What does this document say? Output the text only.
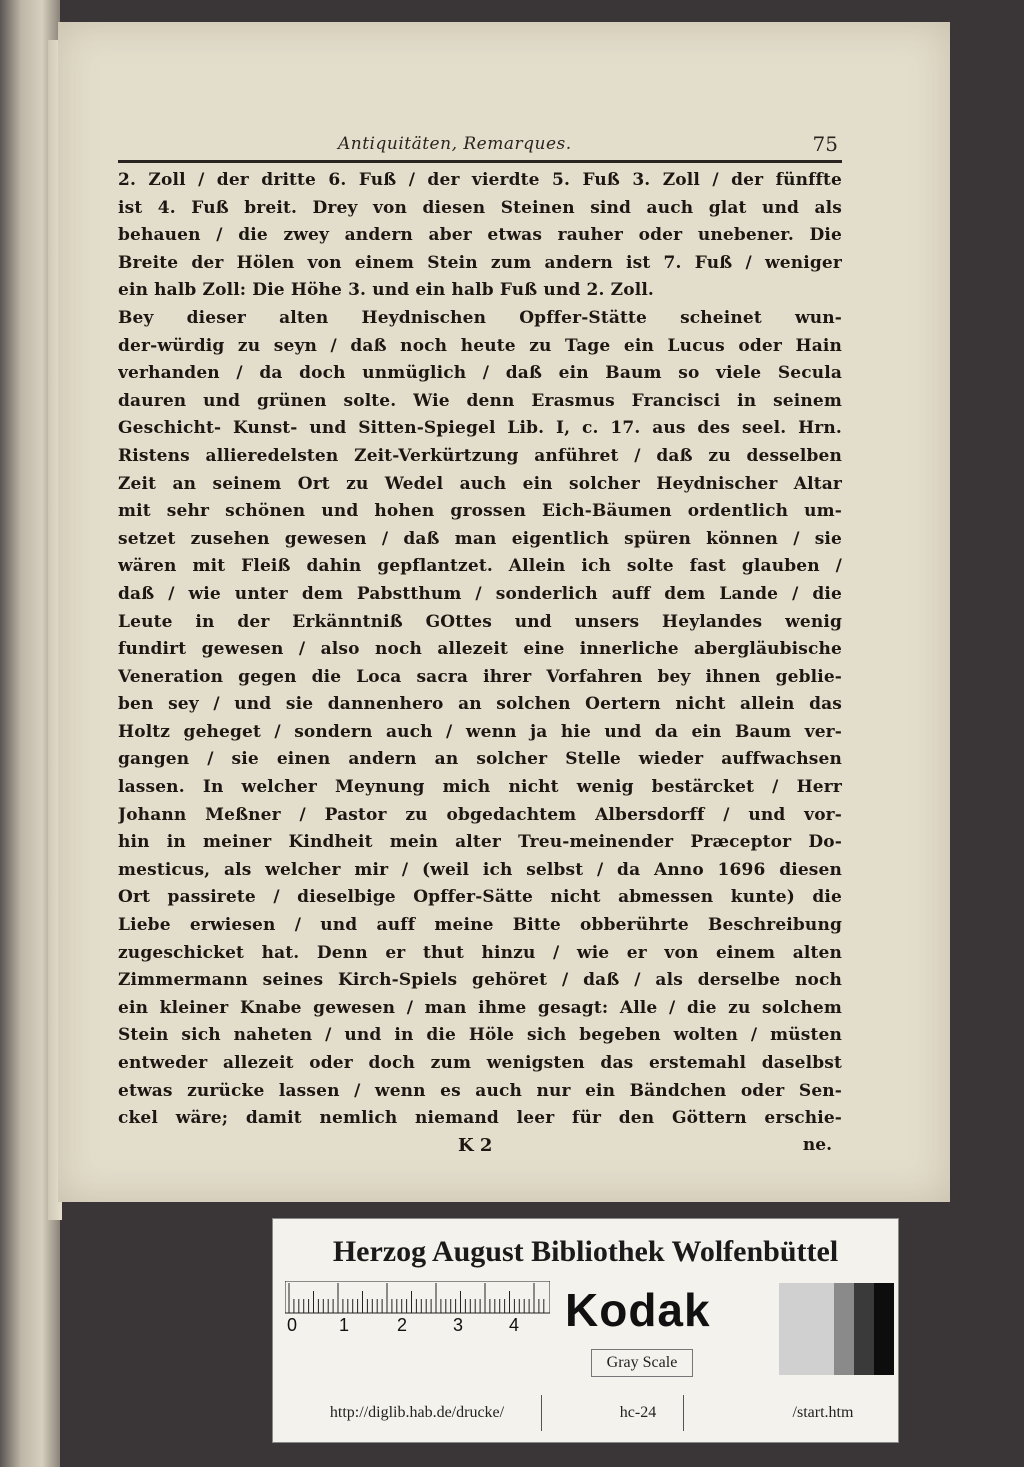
Antiquitäten, Remarques.	75
2. Zoll / der dritte 6. Fuß / der vierdte 5. Fuß 3. Zoll / der fünffte
ist 4. Fuß breit. Drey von diesen Steinen sind auch glat und als
behauen / die zwey andern aber etwas rauher oder unebener. Die
Breite der Hölen von einem Stein zum andern ist 7. Fuß / weniger
ein halb Zoll: Die Höhe 3. und ein halb Fuß und 2. Zoll.
Bey dieser alten Heydnischen Opffer-Stätte scheinet wun-
der-würdig zu seyn / daß noch heute zu Tage ein Lucus oder Hain
verhanden / da doch unmüglich / daß ein Baum so viele Secula
dauren und grünen solte. Wie denn Erasmus Francisci in seinem
Geschicht- Kunst- und Sitten-Spiegel Lib. I, c. 17. aus des seel. Hrn.
Ristens allieredelsten Zeit-Verkürtzung anführet / daß zu desselben
Zeit an seinem Ort zu Wedel auch ein solcher Heydnischer Altar
mit sehr schönen und hohen grossen Eich-Bäumen ordentlich um-
setzet zusehen gewesen / daß man eigentlich spüren können / sie
wären mit Fleiß dahin gepflantzet. Allein ich solte fast glauben /
daß / wie unter dem Pabstthum / sonderlich auff dem Lande / die
Leute in der Erkänntniß GOttes und unsers Heylandes wenig
fundirt gewesen / also noch allezeit eine innerliche abergläubische
Veneration gegen die Loca sacra ihrer Vorfahren bey ihnen geblie-
ben sey / und sie dannenhero an solchen Oertern nicht allein das
Holtz geheget / sondern auch / wenn ja hie und da ein Baum ver-
gangen / sie einen andern an solcher Stelle wieder auffwachsen
lassen. In welcher Meynung mich nicht wenig bestärcket / Herr
Johann Meßner / Pastor zu obgedachtem Albersdorff / und vor-
hin in meiner Kindheit mein alter Treu-meinender Præceptor Do-
mesticus, als welcher mir / (weil ich selbst / da Anno 1696 diesen
Ort passirete / dieselbige Opffer-Sätte nicht abmessen kunte) die
Liebe erwiesen / und auff meine Bitte obberührte Beschreibung
zugeschicket hat. Denn er thut hinzu / wie er von einem alten
Zimmermann seines Kirch-Spiels gehöret / daß / als derselbe noch
ein kleiner Knabe gewesen / man ihme gesagt: Alle / die zu solchem
Stein sich naheten / und in die Höle sich begeben wolten / müsten
entweder allezeit oder doch zum wenigsten das erstemahl daselbst
etwas zurücke lassen / wenn es auch nur ein Bändchen oder Sen-
ckel wäre; damit nemlich niemand leer für den Göttern erschie-
K 2	ne.
Herzog August Bibliothek Wolfenbüttel
0 1	2	3	4 Kodak
Gray Scale
http://diglib.hab.de/drucke/	hc-24	/start.htm
